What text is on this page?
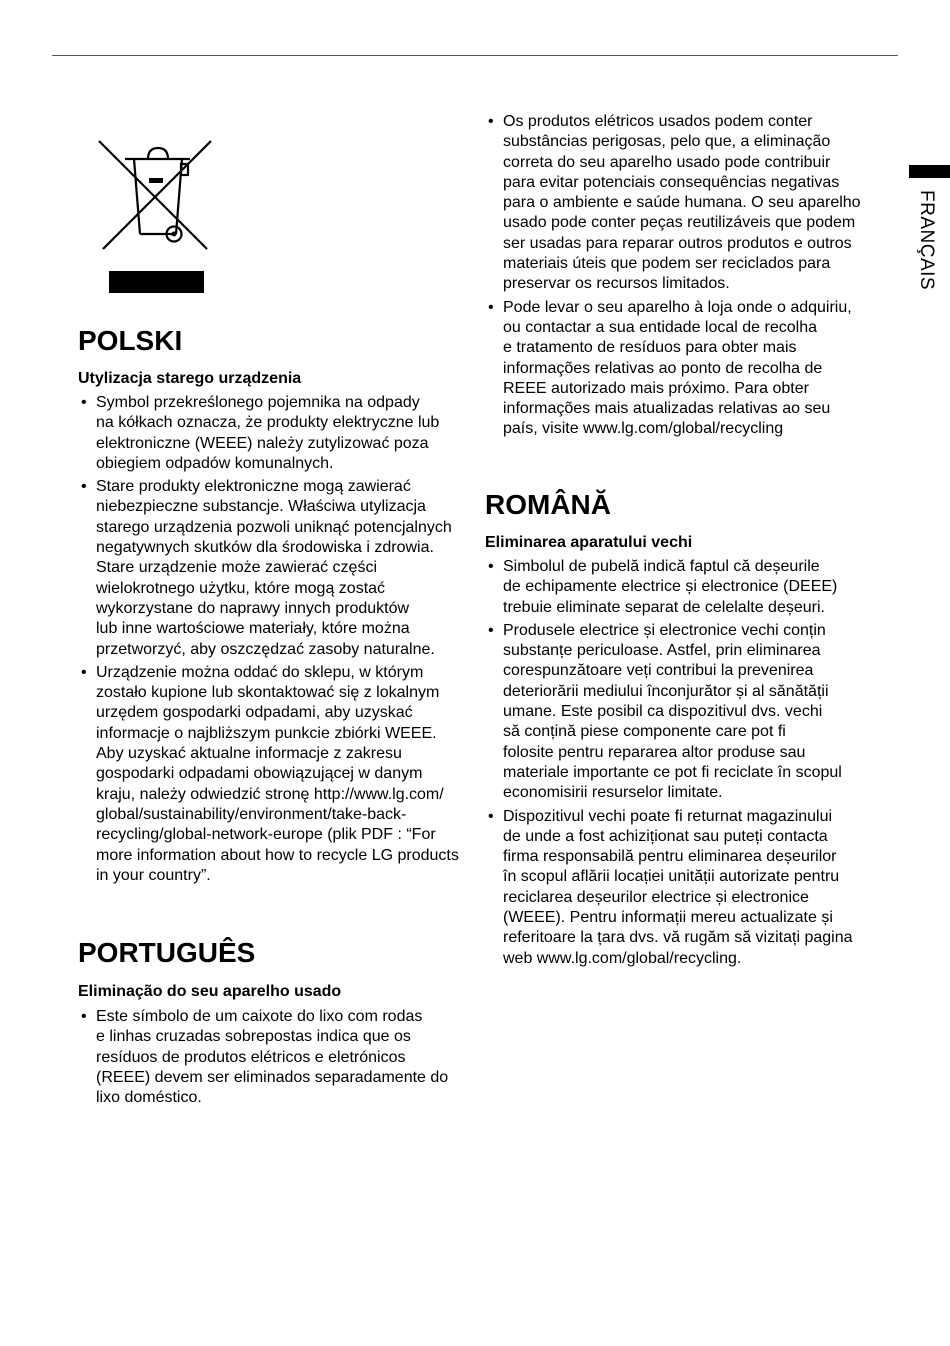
FRANÇAIS
POLSKI
Utylizacja starego urządzenia
• Symbol przekreślonego pojemnika na odpady
na kółkach oznacza, że produkty elektryczne lub
elektroniczne (WEEE) należy zutylizować poza
obiegiem odpadów komunalnych.
• Stare produkty elektroniczne mogą zawierać
niebezpieczne substancje. Właściwa utylizacja
starego urządzenia pozwoli uniknąć potencjalnych
negatywnych skutków dla środowiska i zdrowia.
Stare urządzenie może zawierać części
wielokrotnego użytku, które mogą zostać
wykorzystane do naprawy innych produktów
lub inne wartościowe materiały, które można
przetworzyć, aby oszczędzać zasoby naturalne.
• Urządzenie można oddać do sklepu, w którym
zostało kupione lub skontaktować się z lokalnym
urzędem gospodarki odpadami, aby uzyskać
informacje o najbliższym punkcie zbiórki WEEE.
Aby uzyskać aktualne informacje z zakresu
gospodarki odpadami obowiązującej w danym
kraju, należy odwiedzić stronę http://www.lg.com/
global/sustainability/environment/take-back-
recycling/global-network-europe (plik PDF : “For
more information about how to recycle LG products
in your country”.
PORTUGUÊS
Eliminação do seu aparelho usado
• Este símbolo de um caixote do lixo com rodas
e linhas cruzadas sobrepostas indica que os
resíduos de produtos elétricos e eletrónicos
(REEE) devem ser eliminados separadamente do
lixo doméstico.
• Os produtos elétricos usados podem conter
substâncias perigosas, pelo que, a eliminação
correta do seu aparelho usado pode contribuir
para evitar potenciais consequências negativas
para o ambiente e saúde humana. O seu aparelho
usado pode conter peças reutilizáveis que podem
ser usadas para reparar outros produtos e outros
materiais úteis que podem ser reciclados para
preservar os recursos limitados.
• Pode levar o seu aparelho à loja onde o adquiriu,
ou contactar a sua entidade local de recolha
e tratamento de resíduos para obter mais
informações relativas ao ponto de recolha de
REEE autorizado mais próximo. Para obter
informações mais atualizadas relativas ao seu
país, visite www.lg.com/global/recycling
ROMÂNĂ
Eliminarea aparatului vechi
• Simbolul de pubelă indică faptul că deșeurile
de echipamente electrice și electronice (DEEE)
trebuie eliminate separat de celelalte deșeuri.
• Produsele electrice și electronice vechi conțin
substanțe periculoase. Astfel, prin eliminarea
corespunzătoare veți contribui la prevenirea
deteriorării mediului înconjurător și al sănătății
umane. Este posibil ca dispozitivul dvs. vechi
să conțină piese componente care pot fi
folosite pentru repararea altor produse sau
materiale importante ce pot fi reciclate în scopul
economisirii resurselor limitate.
• Dispozitivul vechi poate fi returnat magazinului
de unde a fost achiziționat sau puteți contacta
firma responsabilă pentru eliminarea deșeurilor
în scopul aflării locației unității autorizate pentru
reciclarea deșeurilor electrice și electronice
(WEEE). Pentru informații mereu actualizate și
referitoare la țara dvs. vă rugăm să vizitați pagina
web www.lg.com/global/recycling.
